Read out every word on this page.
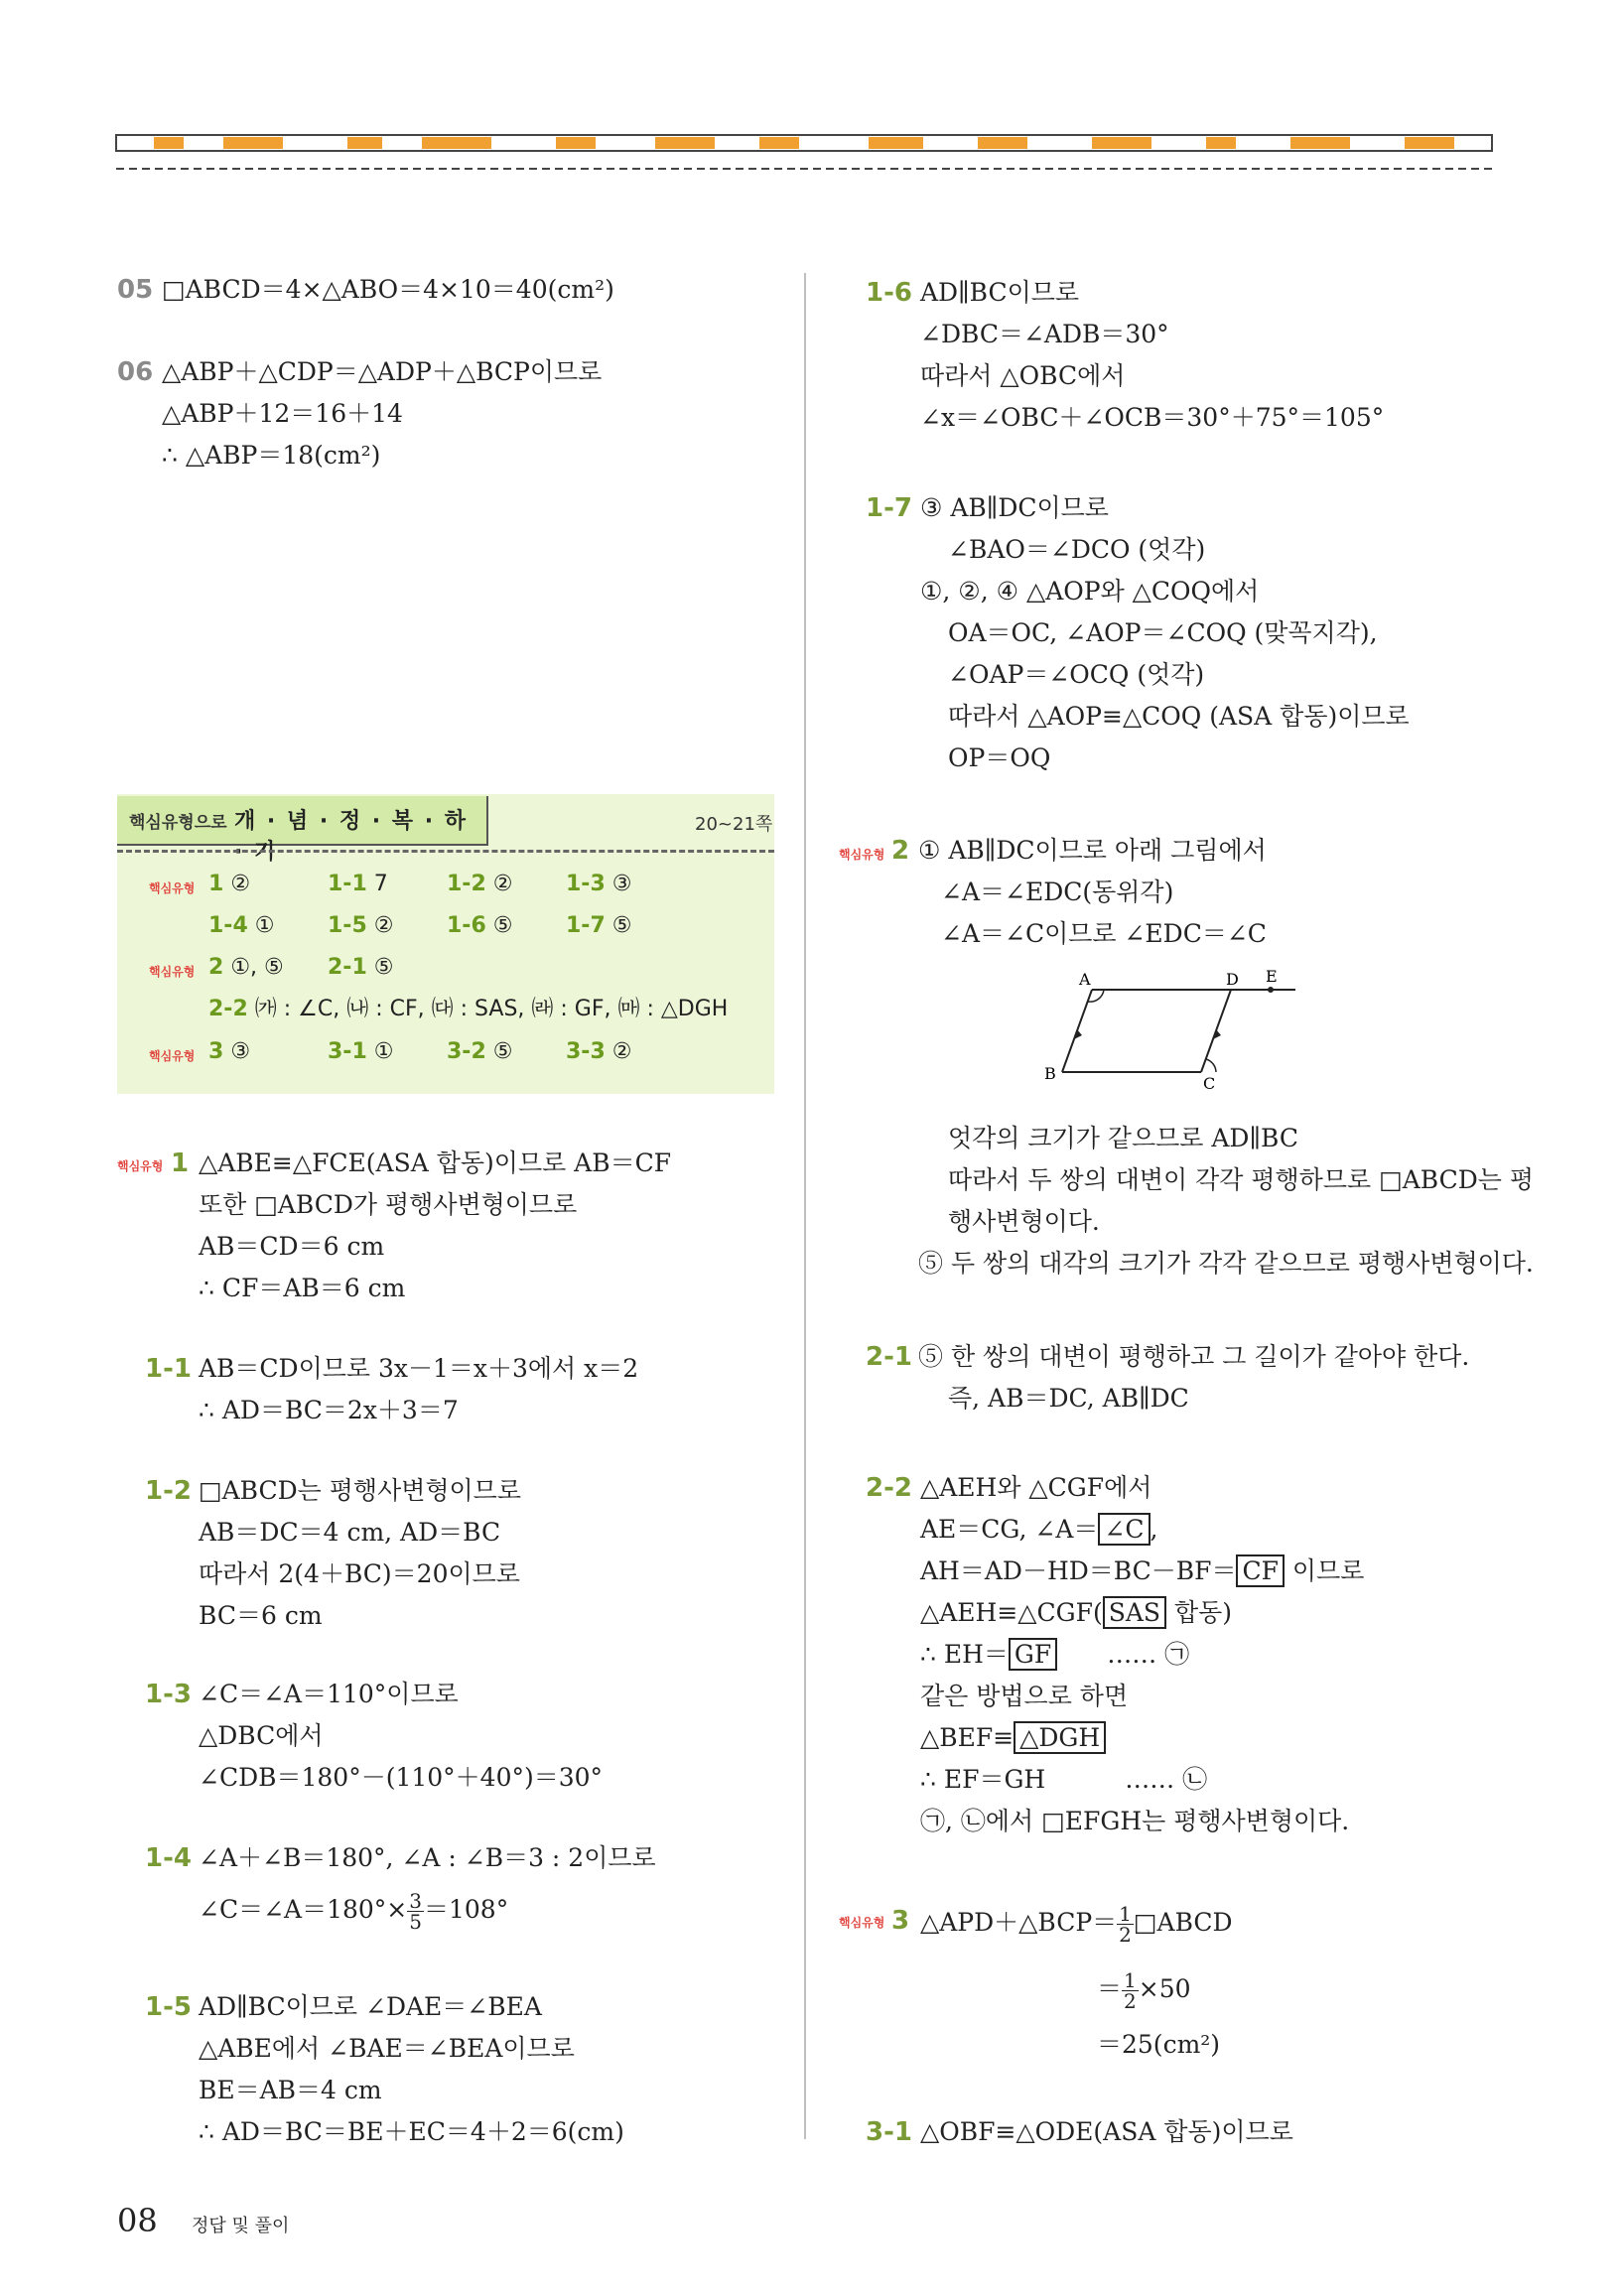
05 □ABCD＝4×△ABO＝4×10＝40(cm²)
06 △ABP＋△CDP＝△ADP＋△BCP이므로
△ABP＋12＝16＋14
∴ △ABP＝18(cm²)
핵심유형으로 개 · 념 · 정 · 복 · 하 · 기
20~21쪽
핵심유형 1 ②	1-1 7	1-2 ② 1-3 ③
1-4 ① 1-5 ② 1-6 ⑤ 1-7 ⑤
핵심유형 2 ①, ⑤ 2-1 ⑤
2-2 ㈎ : ∠C, ㈏ : CF, ㈐ : SAS, ㈑ : GF, ㈒ : △DGH
핵심유형 3 ③	3-1 ① 3-2 ⑤ 3-3 ②
핵심유형 1 △ABE≡△FCE(ASA 합동)이므로 AB＝CF
또한 □ABCD가 평행사변형이므로
AB＝CD＝6 cm
∴ CF＝AB＝6 cm
1-1 AB＝CD이므로 3x－1＝x＋3에서 x＝2
∴ AD＝BC＝2x＋3＝7
1-2 □ABCD는 평행사변형이므로
AB＝DC＝4 cm, AD＝BC
따라서 2(4＋BC)＝20이므로
BC＝6 cm
1-3 ∠C＝∠A＝110°이므로
△DBC에서
∠CDB＝180°－(110°＋40°)＝30°
1-4 ∠A＋∠B＝180°, ∠A : ∠B＝3 : 2이므로
∠C＝∠A＝180°× $\frac{3}{5} =108^\circ$
1-5 AD∥BC이므로 ∠DAE＝∠BEA
△ABE에서 ∠BAE＝∠BEA이므로
BE＝AB＝4 cm
∴ AD＝BC＝BE＋EC＝4＋2＝6(cm)
1-6 AD∥BC이므로
∠DBC＝∠ADB＝30°
따라서 △OBC에서
∠x＝∠OBC＋∠OCB＝30°＋75°＝105°
1-7 ③ AB∥DC이므로
∠BAO＝∠DCO (엇각)
①, ②, ④ △AOP와 △COQ에서
OA＝OC, ∠AOP＝∠COQ (맞꼭지각),
∠OAP＝∠OCQ (엇각)
따라서 △AOP≡△COQ (ASA 합동)이므로
OP＝OQ
핵심유형 2 ① AB∥DC이므로 아래 그림에서
∠A＝∠EDC(동위각)
∠A＝∠C이므로 ∠EDC＝∠C
A	D E
B
C
엇각의 크기가 같으므로 AD∥BC
따라서 두 쌍의 대변이 각각 평행하므로 □ABCD는 평
행사변형이다.
⑤ 두 쌍의 대각의 크기가 각각 같으므로 평행사변형이다.
2-1 ⑤ 한 쌍의 대변이 평행하고 그 길이가 같아야 한다.
즉, AB＝DC, AB∥DC
2-2 △AEH와 △CGF에서
AE＝CG, ∠A＝ ∠C ,
AH＝AD－HD＝BC－BF＝ CF 이므로
△AEH≡△CGF( SAS 합동)
∴ EH＝ GF …… ㉠
같은 방법으로 하면
△BEF≡ △DGH
∴ EF＝GH	…… ㉡
㉠, ㉡에서 □EFGH는 평행사변형이다.
핵심유형 3 △APD＋△BCP＝ $\frac{1}{2}$ □ABCD
＝ $\frac{1}{2} \times 50$
＝25(cm²)
3-1 △OBF≡△ODE(ASA 합동)이므로
08 정답 및 풀이
